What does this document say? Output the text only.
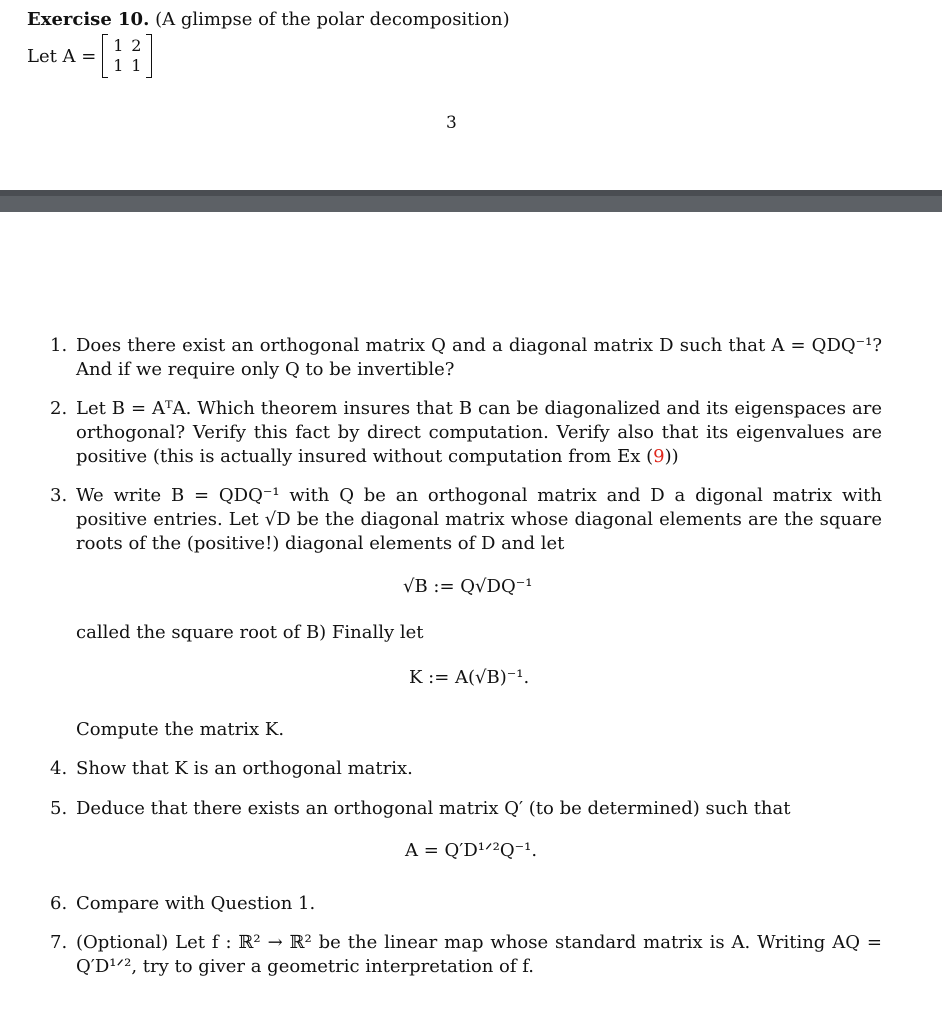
Exercise 10. (A glimpse of the polar decomposition)
Let A = 1 2
1 1
3
1. Does there exist an orthogonal matrix Q and a diagonal matrix D such that A = QDQ⁻¹? And if we require only Q to be invertible?
2. Let B = AᵀA. Which theorem insures that B can be diagonalized and its eigenspaces are orthogonal? Verify this fact by direct computation. Verify also that its eigenvalues are positive (this is actually insured without computation from Ex (9))
3. We write B = QDQ⁻¹ with Q be an orthogonal matrix and D a digonal matrix with positive entries. Let √D be the diagonal matrix whose diagonal elements are the square roots of the (positive!) diagonal elements of D and let
√B := Q√DQ⁻¹
called the square root of B) Finally let
K := A(√B)⁻¹.
Compute the matrix K.
4. Show that K is an orthogonal matrix.
5. Deduce that there exists an orthogonal matrix Q′ (to be determined) such that
A = Q′D¹ᐟ²Q⁻¹.
6. Compare with Question 1.
7. (Optional) Let f : ℝ² → ℝ² be the linear map whose standard matrix is A. Writing AQ = Q′D¹ᐟ², try to giver a geometric interpretation of f.
